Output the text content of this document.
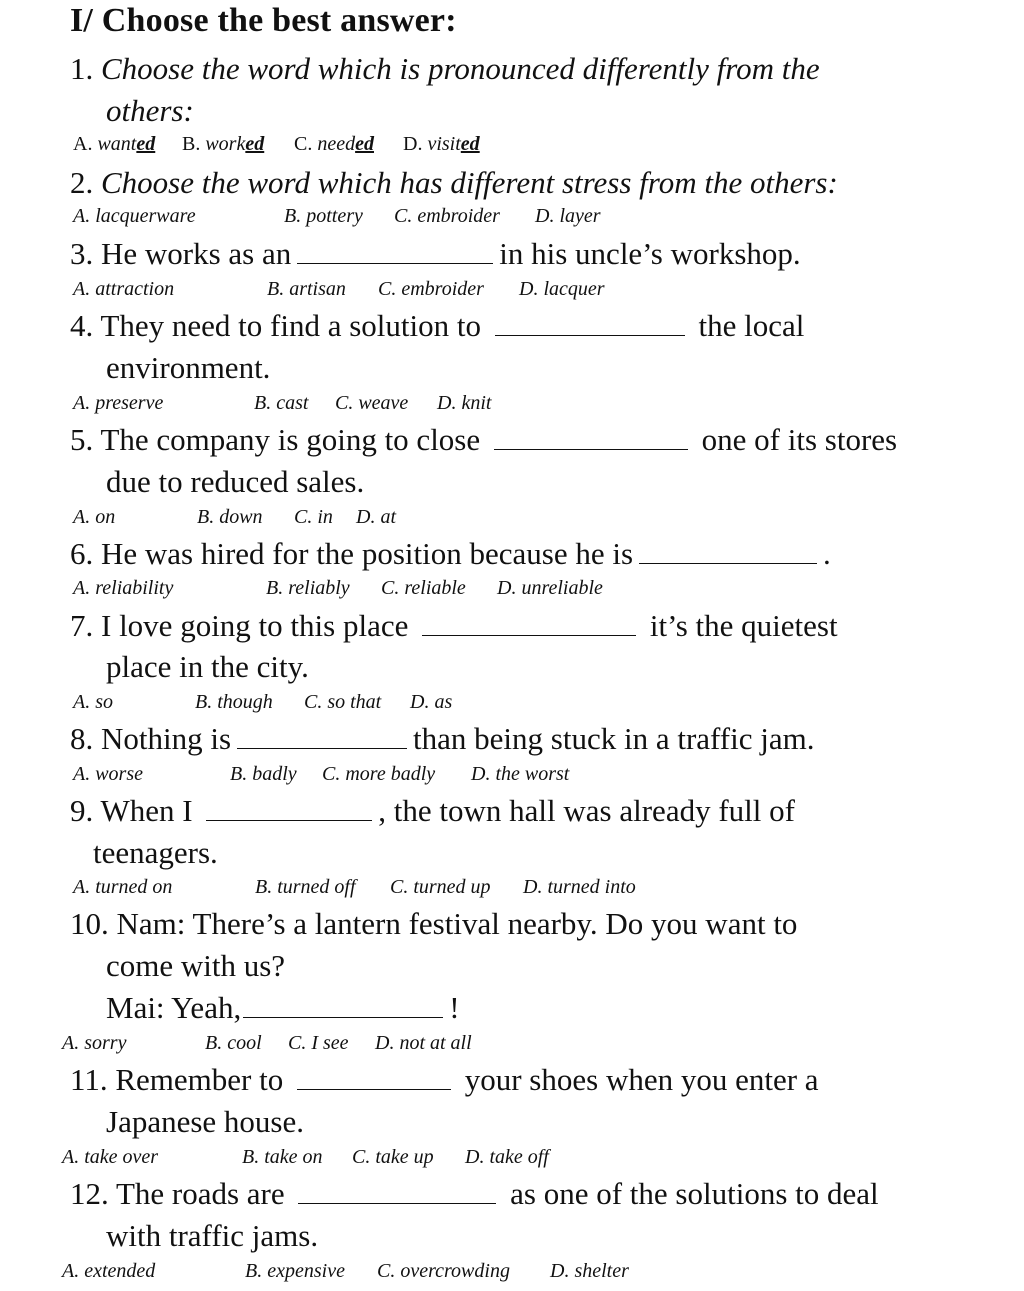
I/ Choose the best answer:
1. Choose the word which is pronounced differently from the
others:
A. wanted B. worked C. needed D. visited
2. Choose the word which has different stress from the others:
A. lacquerware	B. pottery C. embroider D. layer
3. He works as an	in his uncle’s workshop.
A. attraction	B. artisan C. embroider D. lacquer
4. They need to find a solution to	the local
environment.
A. preserve	B. cast C. weave D. knit
5. The company is going to close	one of its stores
due to reduced sales.
A. on	B. down C. in D. at
6. He was hired for the position because he is	.
A. reliability	B. reliably C. reliable D. unreliable
7. I love going to this place	it’s the quietest
place in the city.
A. so	B. though C. so that D. as
8. Nothing is	than being stuck in a traffic jam.
A. worse	B. badly C. more badly D. the worst
9. When I	, the town hall was already full of
teenagers.
A. turned on	B. turned off C. turned up D. turned into
10. Nam: There’s a lantern festival nearby. Do you want to
come with us?
Mai: Yeah,	!
A. sorry	B. cool C. I see D. not at all
11. Remember to	your shoes when you enter a
Japanese house.
A. take over	B. take on C. take up D. take off
12. The roads are	as one of the solutions to deal
with traffic jams.
A. extended	B. expensive C. overcrowding D. shelter
